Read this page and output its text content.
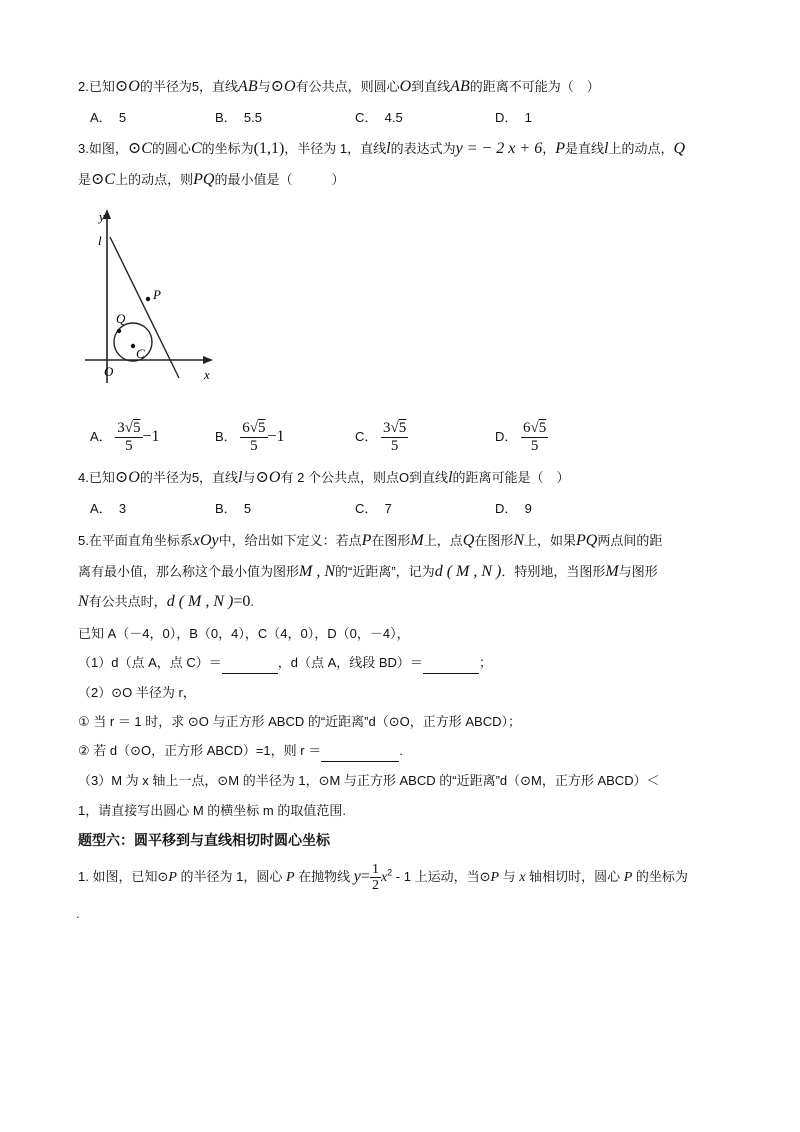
2.已知⊙O的半径为5，直线AB与⊙O有公共点，则圆心O到直线AB的距离不可能为（　）
A． 5	B． 5.5	C． 4.5	D． 1
3.如图，⊙C的圆心C的坐标为(1,1)，半径为 1，直线l的表达式为y = − 2 x + 6，P是直线l上的动点，Q
是⊙C上的动点，则PQ的最小值是（　　　）
y
l
P
Q
C
O	x
A． $\frac{3√5}{5} -1$	B． $\frac{6√5}{5} -1$	C． $\frac{3√5}{5}$	D． $\frac{6√5}{5}$
4.已知⊙O的半径为5，直线l与⊙O有 2 个公共点，则点O到直线l的距离可能是（　）
A． 3	B． 5	C． 7	D． 9
5.在平面直角坐标系xOy中，给出如下定义：若点P在图形M上，点Q在图形N上，如果PQ两点间的距
离有最小值，那么称这个最小值为图形M , N的“近距离”，记为d ( M , N )．特别地，当图形M与图形
N有公共点时，d ( M , N )=0.
已知 A（－4，0），B（0，4），C（4，0），D（0，－4），
（1）d（点 A，点 C）＝	，d（点 A，线段 BD）＝	；
（2）⊙O 半径为 r，
① 当 r ＝ 1 时，求 ⊙O 与正方形 ABCD 的“近距离”d（⊙O，正方形 ABCD）；
② 若 d（⊙O，正方形 ABCD）=1，则 r ＝	.
（3）M 为 x 轴上一点，⊙M 的半径为 1，⊙M 与正方形 ABCD 的“近距离”d（⊙M，正方形 ABCD）＜
1，请直接写出圆心 M 的横坐标 m 的取值范围.
题型六：圆平移到与直线相切时圆心坐标
1. 如图，已知⊙P 的半径为 1，圆心 P 在抛物线 $y= \frac{1}{2} x^2 - 1$ 上运动，当⊙P 与 x 轴相切时，圆心 P 的坐标为
.
